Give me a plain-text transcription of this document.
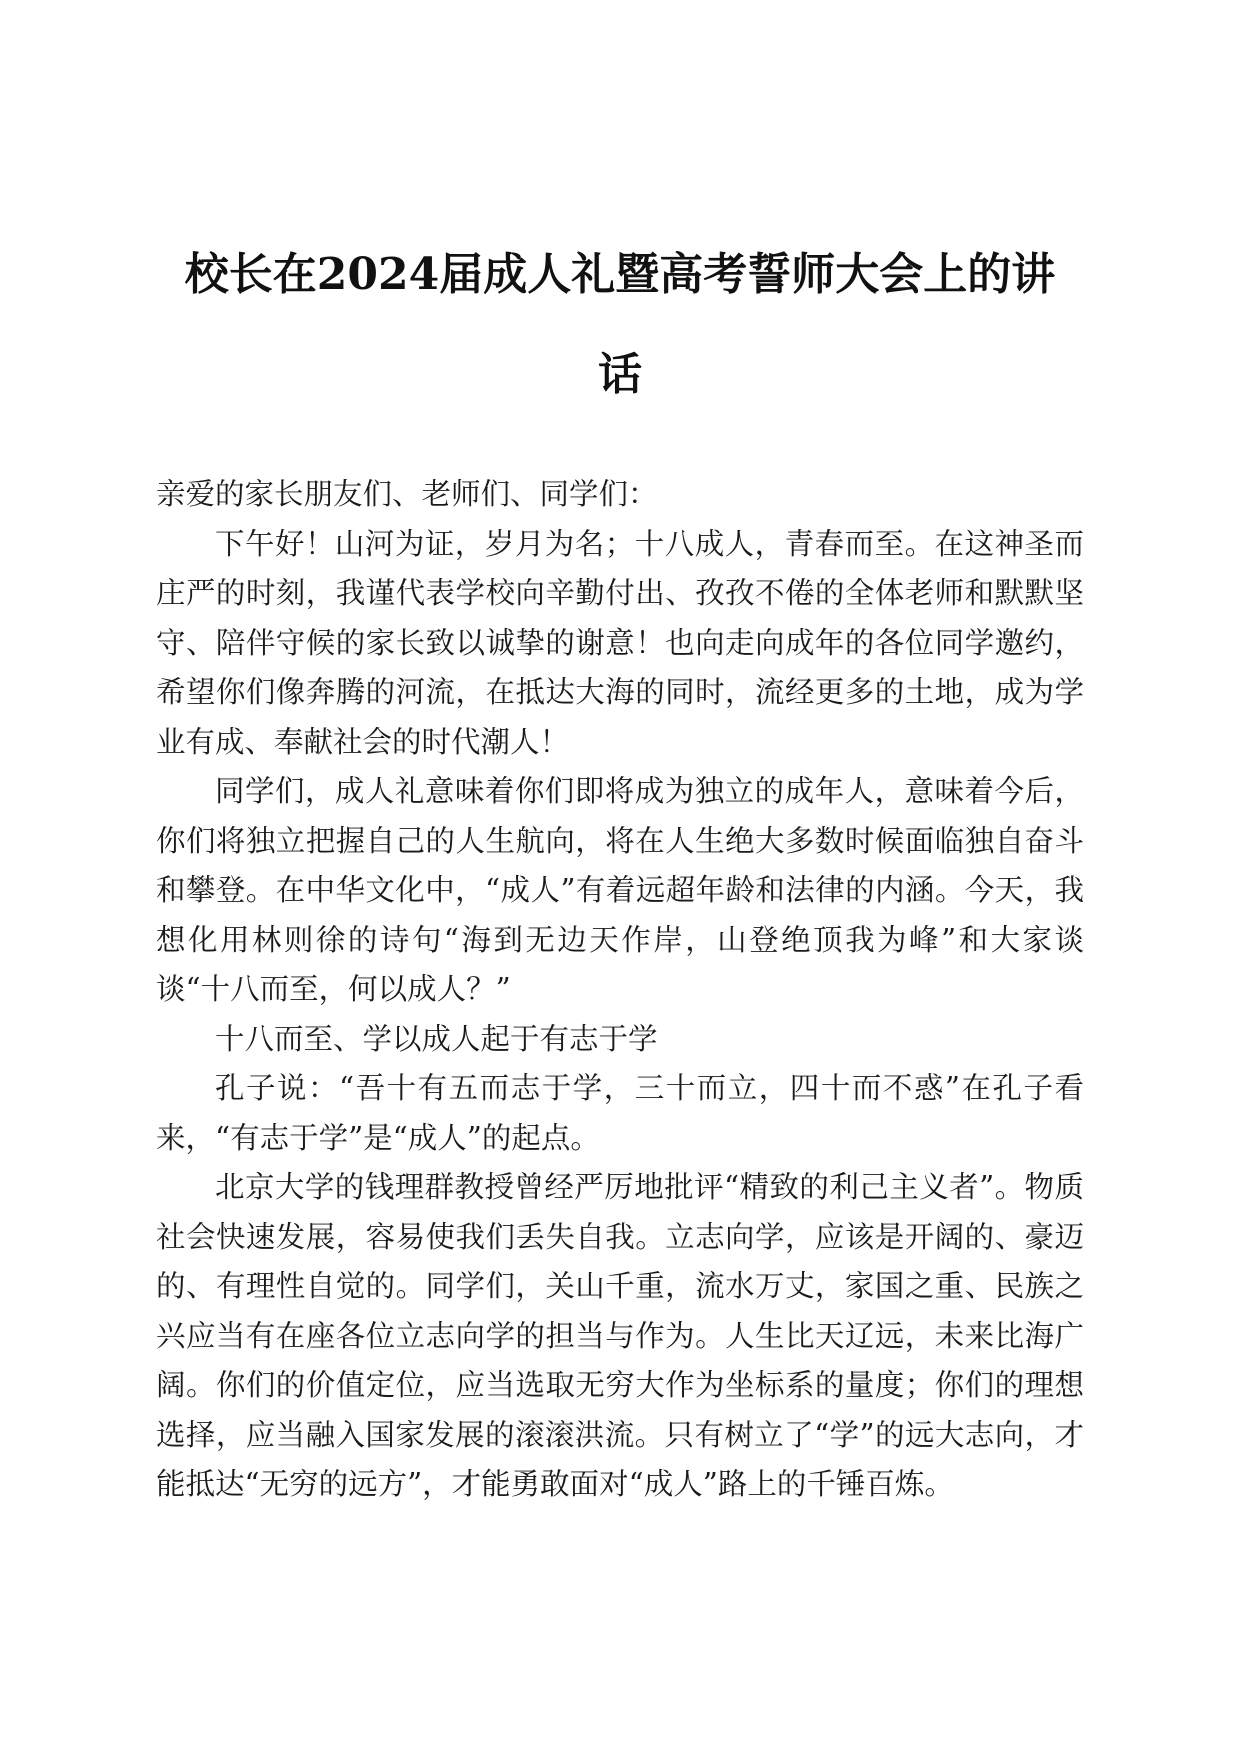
校长在2024届成人礼暨高考誓师大会上的讲
话

亲爱的家长朋友们、老师们、同学们：

下午好！山河为证，岁月为名；十八成人，青春而至。在这神圣而庄严的时刻，我谨代表学校向辛勤付出、孜孜不倦的全体老师和默默坚守、陪伴守候的家长致以诚挚的谢意！也向走向成年的各位同学邀约，希望你们像奔腾的河流，在抵达大海的同时，流经更多的土地，成为学业有成、奉献社会的时代潮人！

同学们，成人礼意味着你们即将成为独立的成年人，意味着今后，你们将独立把握自己的人生航向，将在人生绝大多数时候面临独自奋斗和攀登。在中华文化中，“成人”有着远超年龄和法律的内涵。今天，我想化用林则徐的诗句“海到无边天作岸，山登绝顶我为峰”和大家谈谈“十八而至，何以成人？”

十八而至、学以成人起于有志于学

孔子说：“吾十有五而志于学，三十而立，四十而不惑”在孔子看来，“有志于学”是“成人”的起点。

北京大学的钱理群教授曾经严厉地批评“精致的利己主义者”。物质社会快速发展，容易使我们丢失自我。立志向学，应该是开阔的、豪迈的、有理性自觉的。同学们，关山千重，流水万丈，家国之重、民族之兴应当有在座各位立志向学的担当与作为。人生比天辽远，未来比海广阔。你们的价值定位，应当选取无穷大作为坐标系的量度；你们的理想选择，应当融入国家发展的滚滚洪流。只有树立了“学”的远大志向，才能抵达“无穷的远方”，才能勇敢面对“成人”路上的千锤百炼。
